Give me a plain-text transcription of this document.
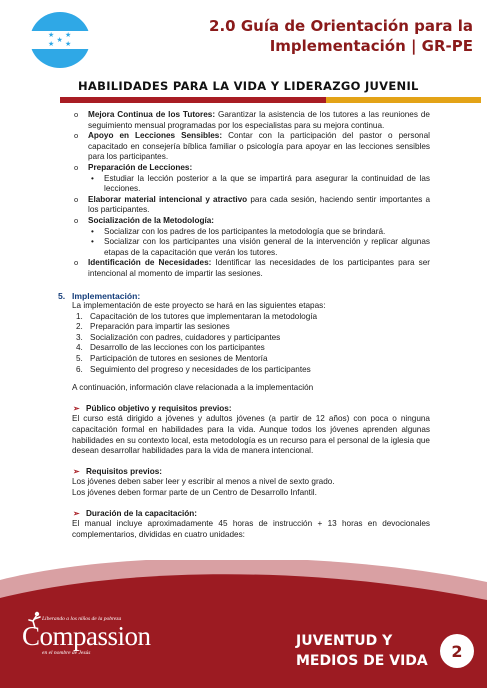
★ ★
★
★ ★
2.0 Guía de Orientación para la
Implementación | GR-PE
HABILIDADES PARA LA VIDA Y LIDERAZGO JUVENIL
o Mejora Continua de los Tutores: Garantizar la asistencia de los tutores a las reuniones de seguimiento mensual programadas por los especialistas para su mejora continua.
o Apoyo en Lecciones Sensibles: Contar con la participación del pastor o personal capacitado en consejería bíblica familiar o psicología para apoyar en las lecciones sensibles para los participantes.
o Preparación de Lecciones:
• Estudiar la lección posterior a la que se impartirá para asegurar la continuidad de las lecciones.
o Elaborar material intencional y atractivo para cada sesión, haciendo sentir importantes a los participantes.
o Socialización de la Metodología:
• Socializar con los padres de los participantes la metodología que se brindará.
• Socializar con los participantes una visión general de la intervención y replicar algunas etapas de la capacitación que verán los tutores.
o Identificación de Necesidades: Identificar las necesidades de los participantes para ser intencional al momento de impartir las sesiones.
5. Implementación:
La implementación de este proyecto se hará en las siguientes etapas:
1. Capacitación de los tutores que implementaran la metodología
2. Preparación para impartir las sesiones
3. Socialización con padres, cuidadores y participantes
4. Desarrollo de las lecciones con los participantes
5. Participación de tutores en sesiones de Mentoría
6. Seguimiento del progreso y necesidades de los participantes
A continuación, información clave relacionada a la implementación
➢ Público objetivo y requisitos previos:
El curso está dirigido a jóvenes y adultos jóvenes (a partir de 12 años) con poca o ninguna capacitación formal en habilidades para la vida. Aunque todos los jóvenes aprenden algunas habilidades en su contexto local, esta metodología es un recurso para el personal de la iglesia que desean desarrollar habilidades para la vida de manera intencional.
➢ Requisitos previos:
Los jóvenes deben saber leer y escribir al menos a nivel de sexto grado.
Los jóvenes deben formar parte de un Centro de Desarrollo Infantil.
➢ Duración de la capacitación:
El manual incluye aproximadamente 45 horas de instrucción + 13 horas en devocionales complementarios, divididas en cuatro unidades:
Liberando a los niños de la pobreza
Compassion
en el nombre de Jesús
JUVENTUD Y
MEDIOS DE VIDA
2
